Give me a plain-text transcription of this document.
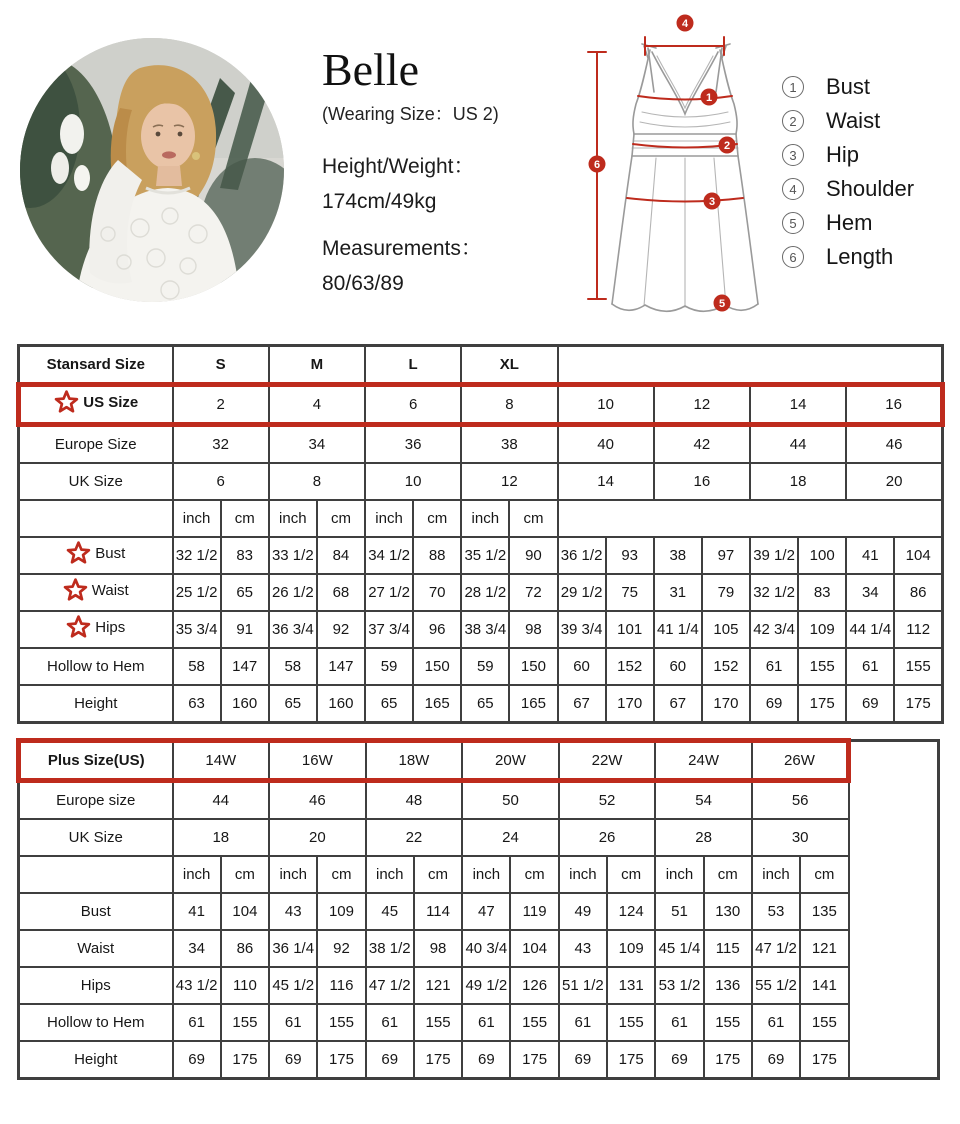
Belle
(Wearing Size：US 2)
Height/Weight：
174cm/49kg
Measurements：
80/63/89
4
1
2
3
5
6
1	Bust
2	Waist
3	Hip
4	Shoulder
5	Hem
6	Length
Stansard Size	S		M		L		XL									

US Size	2		4		6		8		10		12		14		16	
Europe Size	32		34		36		38		40		42		44		46	
UK Size	6		8		10		12		14		16		18		20	
	inch	cm	inch	cm	inch	cm	inch	cm								

Bust	32 1/2	83	33 1/2	84	34 1/2	88	35 1/2	90	36 1/2	93	38	97	39 1/2	100	41	104

Waist	25 1/2	65	26 1/2	68	27 1/2	70	28 1/2	72	29 1/2	75	31	79	32 1/2	83	34	86

Hips	35 3/4	91	36 3/4	92	37 3/4	96	38 3/4	98	39 3/4	101	41 1/4	105	42 3/4	109	44 1/4	112
Hollow to Hem	58	147	58	147	59	150	59	150	60	152	60	152	61	155	61	155
Height	63	160	65	160	65	165	65	165	67	170	67	170	69	175	69	175
Plus Size(US)	14W		16W		18W		20W		22W		24W		26W		
Europe size	44		46		48		50		52		54		56		
UK Size	18		20		22		24		26		28		30		
	inch	cm	inch	cm	inch	cm	inch	cm	inch	cm	inch	cm	inch	cm	
Bust	41	104	43	109	45	114	47	119	49	124	51	130	53	135	
Waist	34	86	36 1/4	92	38 1/2	98	40 3/4	104	43	109	45 1/4	115	47 1/2	121	
Hips	43 1/2	110	45 1/2	116	47 1/2	121	49 1/2	126	51 1/2	131	53 1/2	136	55 1/2	141	
Hollow to Hem	61	155	61	155	61	155	61	155	61	155	61	155	61	155	
Height	69	175	69	175	69	175	69	175	69	175	69	175	69	175	
